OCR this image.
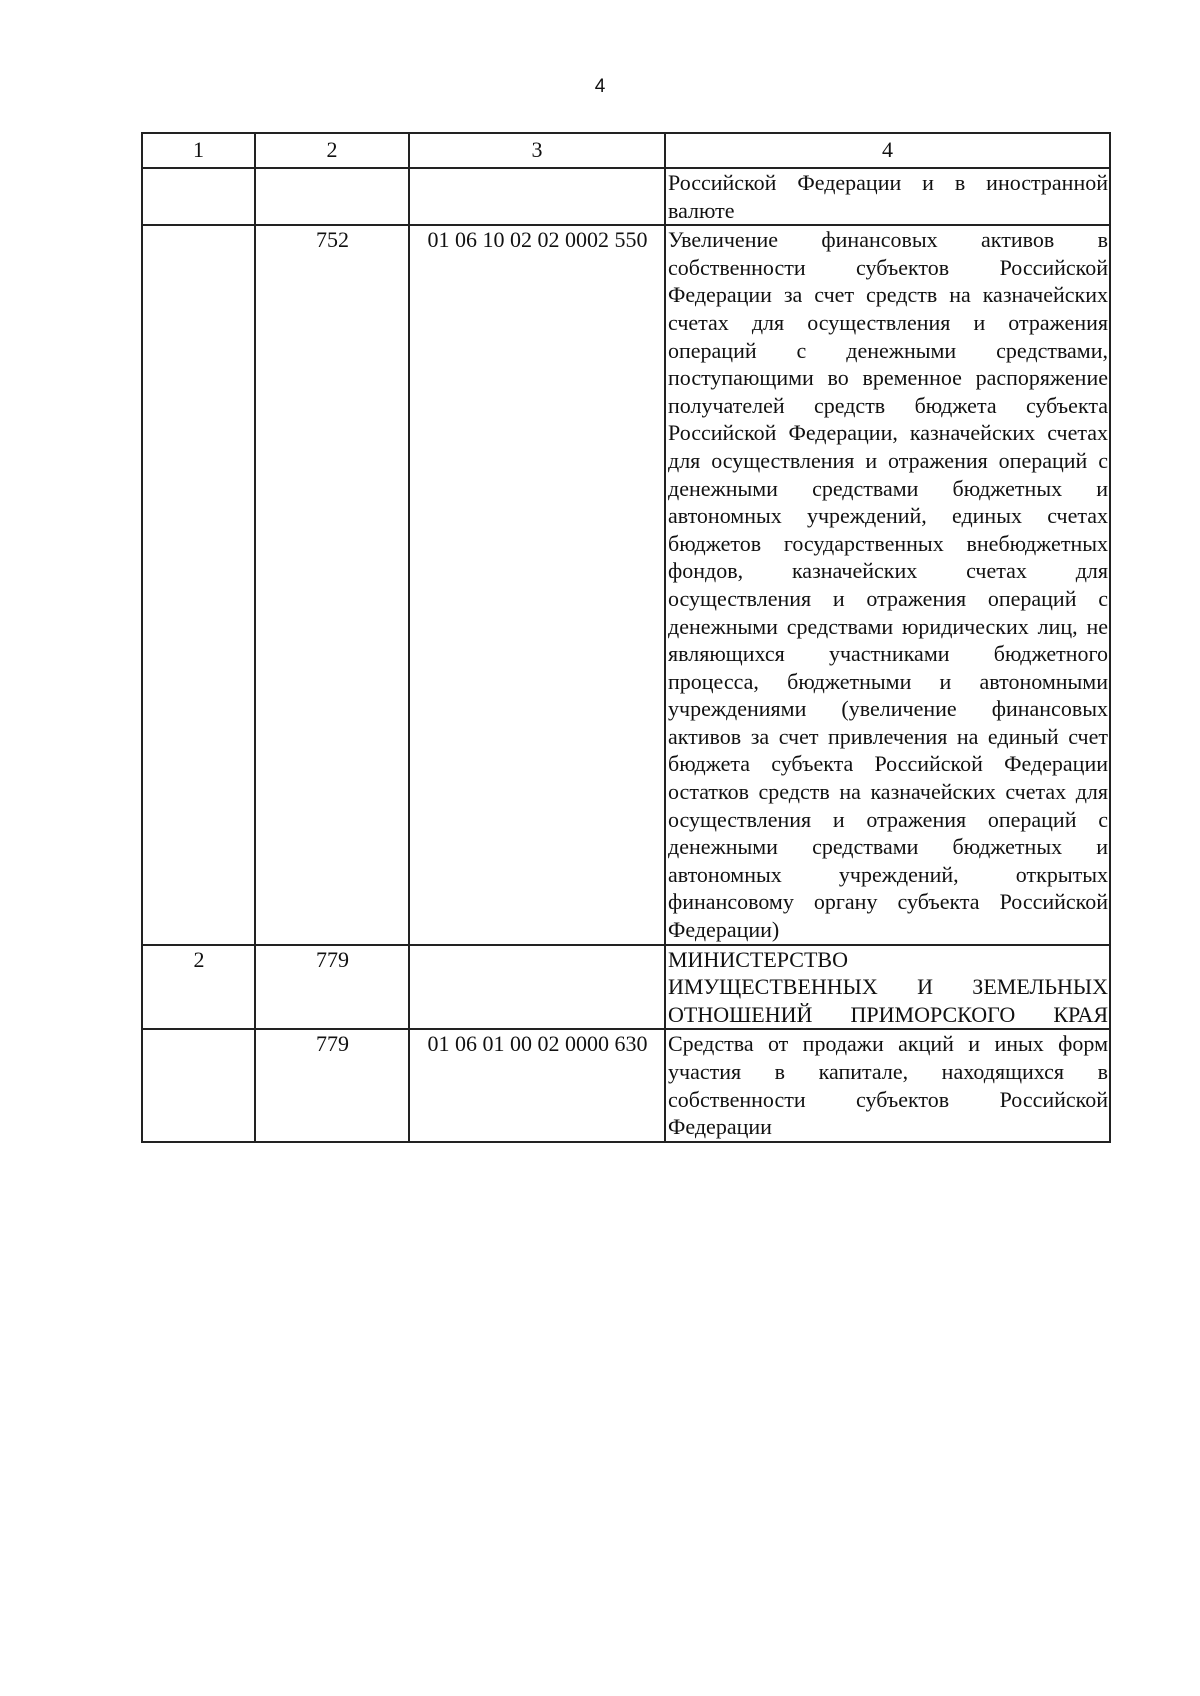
4
1	2	3	4
			Российской Федерации и в иностранной валюте
	752	01 06 10 02 02 0002 550	Увеличение финансовых активов в собственности субъектов Российской Федерации за счет средств на казначейских счетах для осуществления и отражения операций с денежными средствами, поступающими во временное распоряжение получателей средств бюджета субъекта Российской Федерации, казначейских счетах для осуществления и отражения операций с денежными средствами бюджетных и автономных учреждений, единых счетах бюджетов государственных внебюджетных фондов, казначейских счетах для осуществления и отражения операций с денежными средствами юридических лиц, не являющихся участниками бюджетного процесса, бюджетными и автономными учреждениями (увеличение финансовых активов за счет привлечения на единый счет бюджета субъекта Российской Федерации остатков средств на казначейских счетах для осуществления и отражения операций с денежными средствами бюджетных и автономных учреждений, открытых финансовому органу субъекта Российской Федерации)
2	779		МИНИСТЕРСТВО
ИМУЩЕСТВЕННЫХ И ЗЕМЕЛЬНЫХ
ОТНОШЕНИЙ ПРИМОРСКОГО КРАЯ

	779	01 06 01 00 02 0000 630	Средства от продажи акций и иных форм участия в капитале, находящихся в собственности субъектов Российской Федерации
